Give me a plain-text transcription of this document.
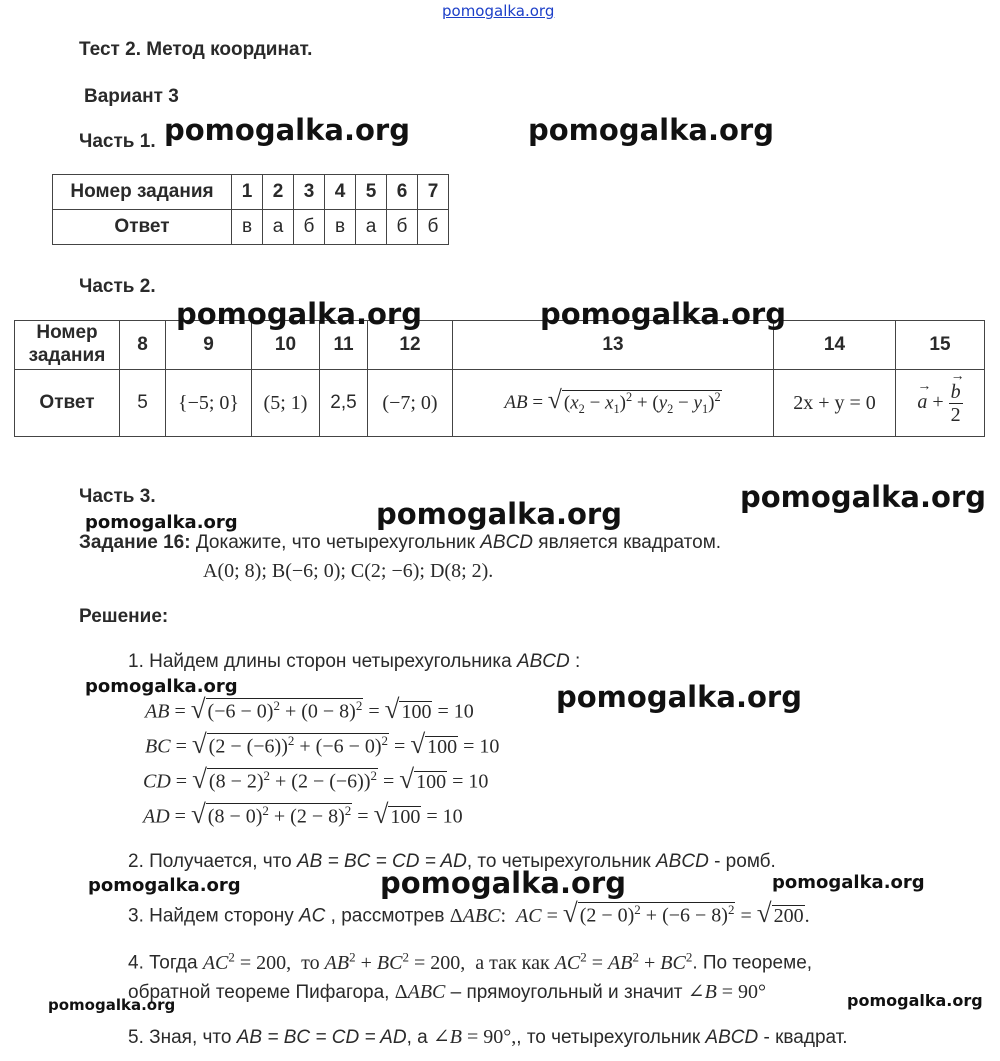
pomogalka.org
Тест 2. Метод координат.
Вариант 3
Часть 1. pomogalka.org	pomogalka.org
Номер задания	1	2	3	4	5	6	7
Ответ	в	а	б	в	а	б	б
Часть 2.
Номер задания	8	9	10	11	12	13	14	15
Ответ	5	{−5; 0}	(5; 1)	2,5	(−7; 0)	AB = √ $(x_2 - x_1)^2 + (y_2 - y_1)^2$	2x + y = 0	→ a + → $\frac{b}{2}$
pomogalka.org	pomogalka.org
Часть 3.	pomogalka.org
pomogalka.org	pomogalka.org
Задание 16: Докажите, что четырехугольник ABCD является квадратом.
A(0; 8); B(−6; 0); C(2; −6); D(8; 2).
Решение:
1. Найдем длины сторон четырехугольника ABCD :
pomogalka.org	pomogalka.org
AB = √ $(-6 - 0)^2 + (0 - 8)^2$ = √ 100 = 10
BC = √ $(2 - (-6))^2 + (-6 - 0)^2$ = √ 100 = 10
CD = √ $(8 - 2)^2 + (2 - (-6))^2$ = √ 100 = 10
AD = √ $(8 - 0)^2 + (2 - 8)^2$ = √ 100 = 10
2. Получается, что AB = BC = CD = AD, то четырехугольник ABCD - ромб.
pomogalka.org	pomogalka.org	pomogalka.org
3. Найдем сторону AC , рассмотрев ΔABC:  AC = √ $(2 - 0)^2 + (-6 - 8)^2$ = √ 200.
4. Тогда $AC^2 = 200$,  то $AB^2 + BC^2 = 200$,  а так как $AC^2 = AB^2 + BC^2$. По теореме,
обратной теореме Пифагора, ΔABC – прямоугольный и значит ∠B = 90°
pomogalka.org	pomogalka.org
5. Зная, что AB = BC = CD = AD, а ∠B = 90°,, то четырехугольник ABCD - квадрат.
